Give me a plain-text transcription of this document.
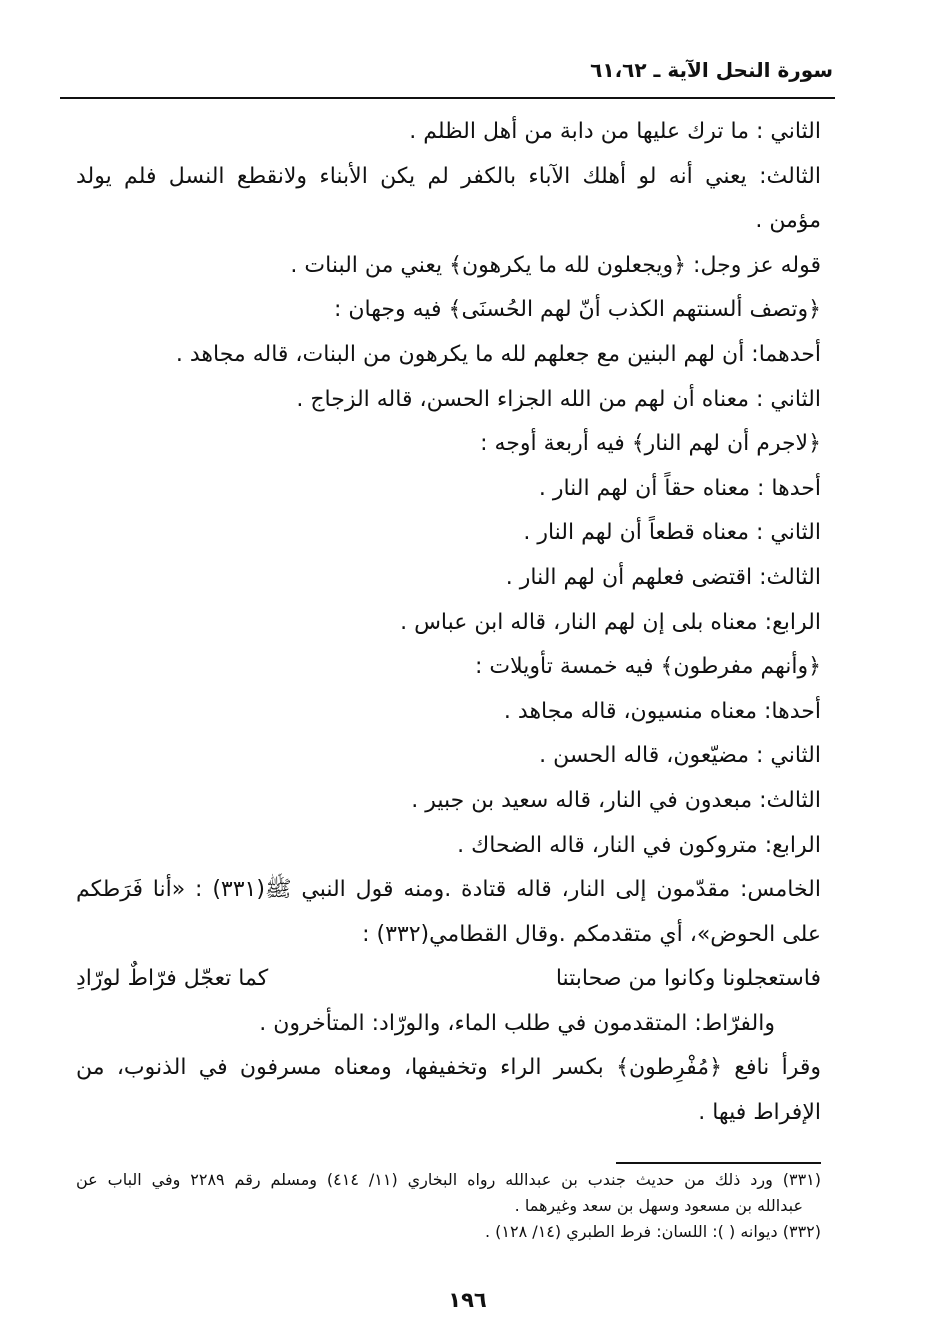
سورة النحل الآية ـ ٦١،٦٢
الثاني : ما ترك عليها من دابة من أهل الظلم .
الثالث: يعني أنه لو أهلك الآباء بالكفر لم يكن الأبناء ولانقطع النسل فلم يولد
مؤمن .
قوله عز وجل: ﴿ويجعلون لله ما يكرهون﴾ يعني من البنات .
﴿وتصف ألسنتهم الكذب أنّ لهم الحُسنَى﴾ فيه وجهان :
أحدهما: أن لهم البنين مع جعلهم لله ما يكرهون من البنات، قاله مجاهد .
الثاني : معناه أن لهم من الله الجزاء الحسن، قاله الزجاج .
﴿لاجرم أن لهم النار﴾ فيه أربعة أوجه :
أحدها : معناه حقاً أن لهم النار .
الثاني : معناه قطعاً أن لهم النار .
الثالث: اقتضى فعلهم أن لهم النار .
الرابع: معناه بلى إن لهم النار، قاله ابن عباس .
﴿وأنهم مفرطون﴾ فيه خمسة تأويلات :
أحدها: معناه منسيون، قاله مجاهد .
الثاني : مضيّعون، قاله الحسن .
الثالث: مبعدون في النار، قاله سعيد بن جبير .
الرابع: متروكون في النار، قاله الضحاك .
الخامس: مقدّمون إلى النار، قاله قتادة .ومنه قول النبي ﷺ(٣٣١) : «أنا فَرَطكم
على الحوض»، أي متقدمكم .وقال القطامي(٣٣٢) :
فاستعجلونا وكانوا من صحابتنا
كما تعجّل فرّاطٌ لورّادِ
والفرّاط: المتقدمون في طلب الماء، والورّاد: المتأخرون .
وقرأ نافع ﴿مُفْرِطون﴾ بكسر الراء وتخفيفها، ومعناه مسرفون في الذنوب، من
الإفراط فيها .
(٣٣١) ورد ذلك من حديث جندب بن عبدالله رواه البخاري (١١/ ٤١٤) ومسلم رقم ٢٢٨٩ وفي الباب عن
عبدالله بن مسعود وسهل بن سعد وغيرهما .
(٣٣٢) ديوانه ( ): اللسان: فرط الطبري (١٤/ ١٢٨) .
١٩٦
